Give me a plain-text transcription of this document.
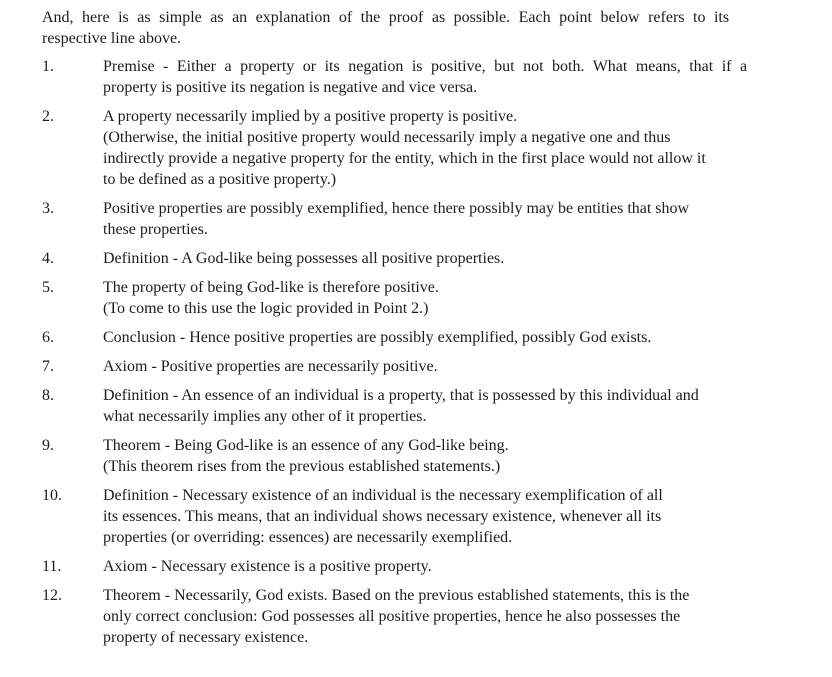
And, here is as simple as an explanation of the proof as possible. Each point below refers to its
respective line above.
1.	Premise - Either a property or its negation is positive, but not both. What means, that if a
property is positive its negation is negative and vice versa.
2.	A property necessarily implied by a positive property is positive.
(Otherwise, the initial positive property would necessarily imply a negative one and thus
indirectly provide a negative property for the entity, which in the first place would not allow it
to be defined as a positive property.)
3.	Positive properties are possibly exemplified, hence there possibly may be entities that show
these properties.
4.	Definition - A God-like being possesses all positive properties.
5.	The property of being God-like is therefore positive.
(To come to this use the logic provided in Point 2.)
6.	Conclusion - Hence positive properties are possibly exemplified, possibly God exists.
7.	Axiom - Positive properties are necessarily positive.
8.	Definition - An essence of an individual is a property, that is possessed by this individual and
what necessarily implies any other of it properties.
9.	Theorem - Being God-like is an essence of any God-like being.
(This theorem rises from the previous established statements.)
10.	Definition - Necessary existence of an individual is the necessary exemplification of all
its essences. This means, that an individual shows necessary existence, whenever all its
properties (or overriding: essences) are necessarily exemplified.
11.	Axiom - Necessary existence is a positive property.
12.	Theorem - Necessarily, God exists. Based on the previous established statements, this is the
only correct conclusion: God possesses all positive properties, hence he also possesses the
property of necessary existence.
